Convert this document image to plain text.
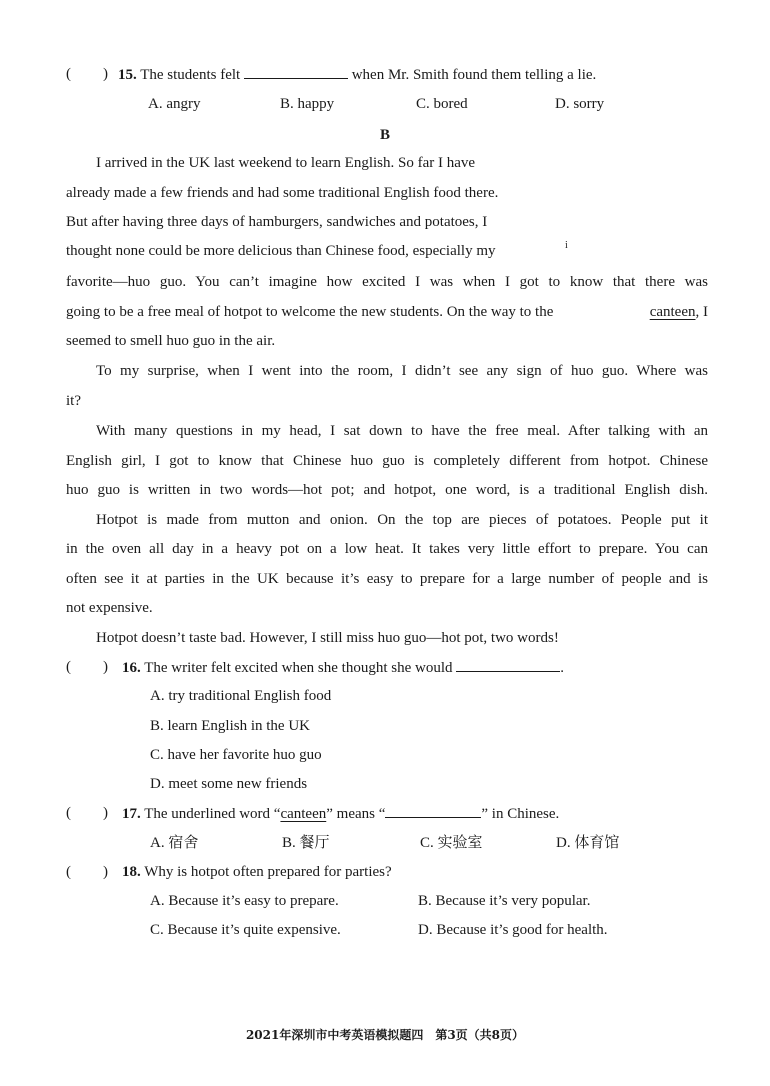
( ) 15. The students felt	when Mr. Smith found them telling a lie.
A. angry	B. happy	C. bored	D. sorry
B
I arrived in the UK last weekend to learn English. So far I have
already made a few friends and had some traditional English food there.
But after having three days of hamburgers, sandwiches and potatoes, I
thought none could be more delicious than Chinese food, especially my	i
favorite—huo guo. You can’t imagine how excited I was when I got to know that there was
going to be a free meal of hotpot to welcome the new students. On the way to the	canteen, I
seemed to smell huo guo in the air.
To my surprise, when I went into the room, I didn’t see any sign of huo guo. Where was
it?
With many questions in my head, I sat down to have the free meal. After talking with an
English girl, I got to know that Chinese huo guo is completely different from hotpot. Chinese
huo guo is written in two words—hot pot; and hotpot, one word, is a traditional English dish.
Hotpot is made from mutton and onion. On the top are pieces of potatoes. People put it
in the oven all day in a heavy pot on a low heat. It takes very little effort to prepare. You can
often see it at parties in the UK because it’s easy to prepare for a large number of people and is
not expensive.
Hotpot doesn’t taste bad. However, I still miss huo guo—hot pot, two words!
( ) 16. The writer felt excited when she thought she would	.
A. try traditional English food
B. learn English in the UK
C. have her favorite huo guo
D. meet some new friends
( ) 17. The underlined word “canteen” means “	” in Chinese.
A. 宿舍	B. 餐厅	C. 实验室	D. 体育馆
( ) 18. Why is hotpot often prepared for parties?
A. Because it’s easy to prepare.	B. Because it’s very popular.
C. Because it’s quite expensive.	D. Because it’s good for health.
2021年深圳市中考英语模拟题四　第3页（共8页）
